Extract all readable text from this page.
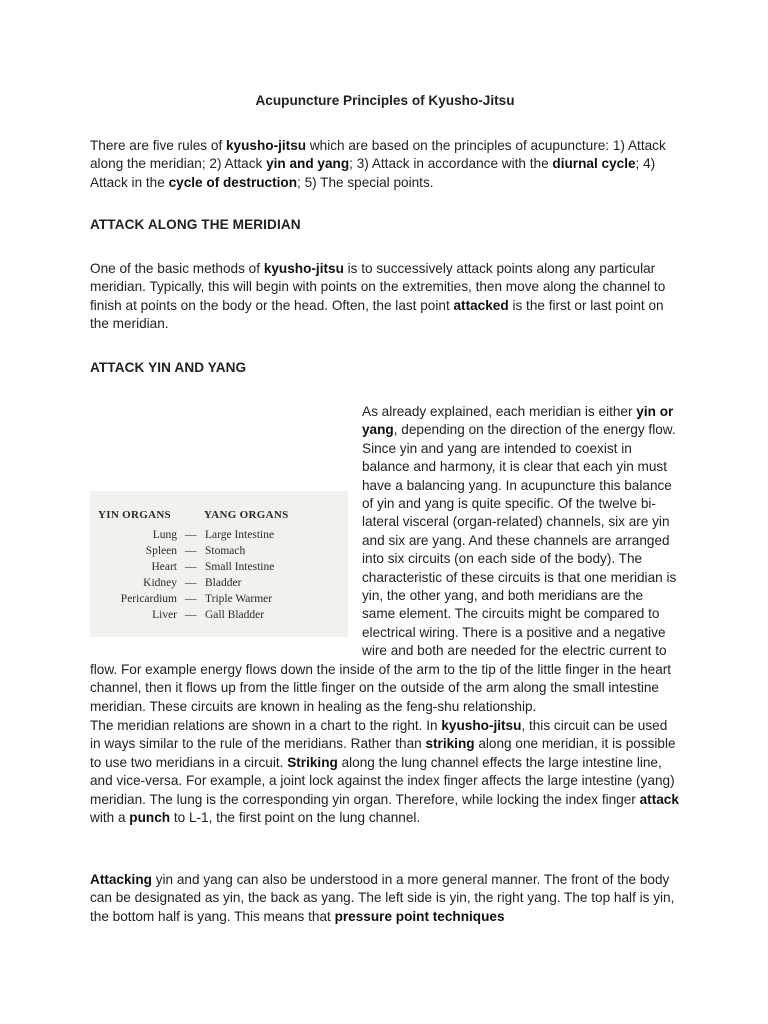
Acupuncture Principles of Kyusho-Jitsu

There are five rules of kyusho-jitsu which are based on the principles of acupuncture: 1) Attack along the meridian; 2) Attack yin and yang; 3) Attack in accordance with the diurnal cycle; 4) Attack in the cycle of destruction; 5) The special points.

ATTACK ALONG THE MERIDIAN

One of the basic methods of kyusho-jitsu is to successively attack points along any particular meridian. Typically, this will begin with points on the extremities, then move along the channel to finish at points on the body or the head. Often, the last point attacked is the first or last point on the meridian.

ATTACK YIN AND YANG
YIN ORGANS	YANG ORGANS
Lung — Large Intestine
Spleen — Stomach
Heart — Small Intestine
Kidney — Bladder
Pericardium — Triple Warmer
Liver — Gall Bladder
As already explained, each meridian is either yin or yang, depending on the direction of the energy flow. Since yin and yang are intended to coexist in balance and harmony, it is clear that each yin must have a balancing yang. In acupuncture this balance of yin and yang is quite specific. Of the twelve bi-lateral visceral (organ-related) channels, six are yin and six are yang. And these channels are arranged into six circuits (on each side of the body). The characteristic of these circuits is that one meridian is yin, the other yang, and both meridians are the same element. The circuits might be compared to electrical wiring. There is a positive and a negative wire and both are needed for the electric current to flow. For example energy flows down the inside of the arm to the tip of the little finger in the heart channel, then it flows up from the little finger on the outside of the arm along the small intestine meridian. These circuits are known in healing as the feng-shu relationship.

The meridian relations are shown in a chart to the right. In kyusho-jitsu, this circuit can be used in ways similar to the rule of the meridians. Rather than striking along one meridian, it is possible to use two meridians in a circuit. Striking along the lung channel effects the large intestine line, and vice-versa. For example, a joint lock against the index finger affects the large intestine (yang) meridian. The lung is the corresponding yin organ. Therefore, while locking the index finger attack with a punch to L-1, the first point on the lung channel.

Attacking yin and yang can also be understood in a more general manner. The front of the body can be designated as yin, the back as yang. The left side is yin, the right yang. The top half is yin, the bottom half is yang. This means that pressure point techniques
